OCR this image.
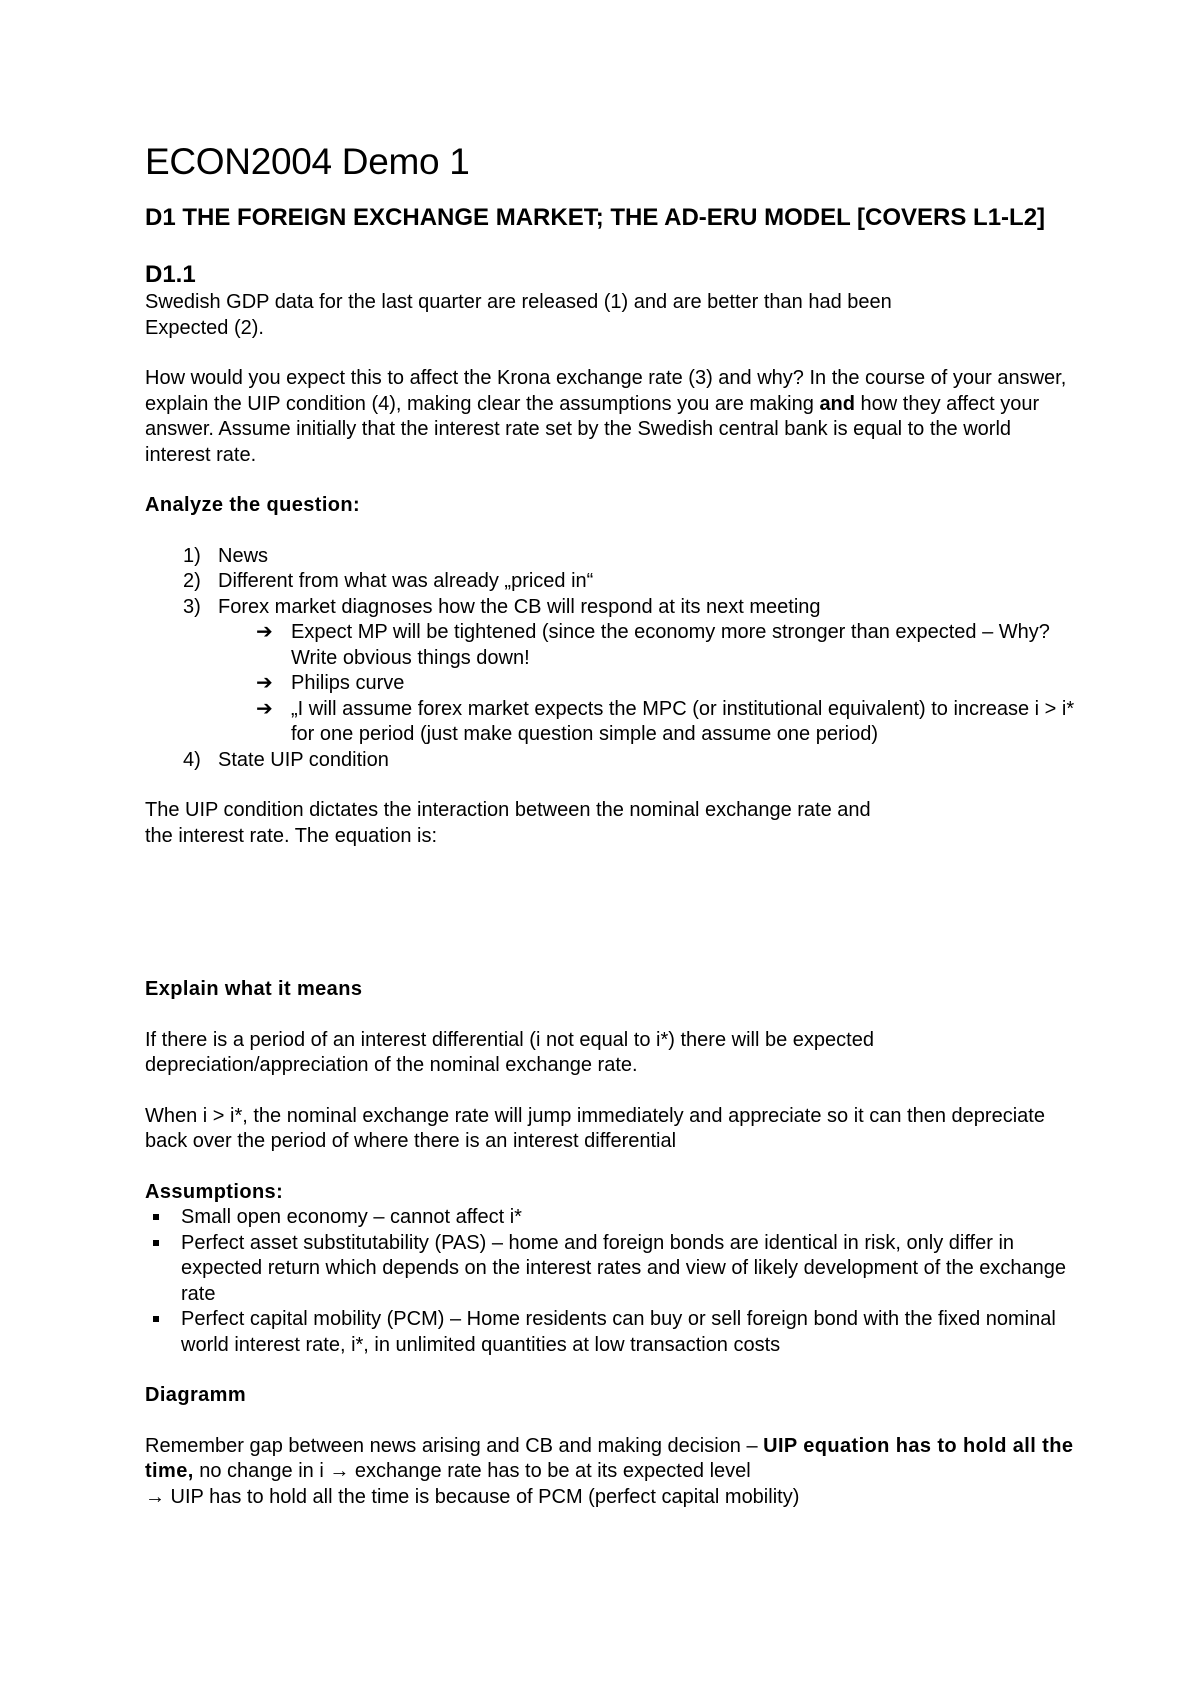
ECON2004 Demo 1
D1 THE FOREIGN EXCHANGE MARKET; THE AD-ERU MODEL [COVERS L1-L2]
D1.1

Swedish GDP data for the last quarter are released (1) and are better than had been
Expected (2).

How would you expect this to affect the Krona exchange rate (3) and why? In the course of your answer, explain the UIP condition (4), making clear the assumptions you are making and how they affect your answer. Assume initially that the interest rate set by the Swedish central bank is equal to the world interest rate.

Analyze the question:

1) News
2) Different from what was already „priced in“
3) Forex market diagnoses how the CB will respond at its next meeting
➔ Expect MP will be tightened (since the economy more stronger than expected – Why? Write obvious things down!
➔ Philips curve
➔ „I will assume forex market expects the MPC (or institutional equivalent) to increase i > i* for one period (just make question simple and assume one period)
4) State UIP condition

The UIP condition dictates the interaction between the nominal exchange rate and
the interest rate. The equation is:

Explain what it means

If there is a period of an interest differential (i not equal to i*) there will be expected depreciation/appreciation of the nominal exchange rate.

When i > i*, the nominal exchange rate will jump immediately and appreciate so it can then depreciate back over the period of where there is an interest differential

Assumptions:

Small open economy – cannot affect i*
Perfect asset substitutability (PAS) – home and foreign bonds are identical in risk, only differ in expected return which depends on the interest rates and view of likely development of the exchange rate
Perfect capital mobility (PCM) – Home residents can buy or sell foreign bond with the fixed nominal world interest rate, i*, in unlimited quantities at low transaction costs

Diagramm

Remember gap between news arising and CB and making decision – UIP equation has to hold all the time, no change in i → exchange rate has to be at its expected level
→ UIP has to hold all the time is because of PCM (perfect capital mobility)
